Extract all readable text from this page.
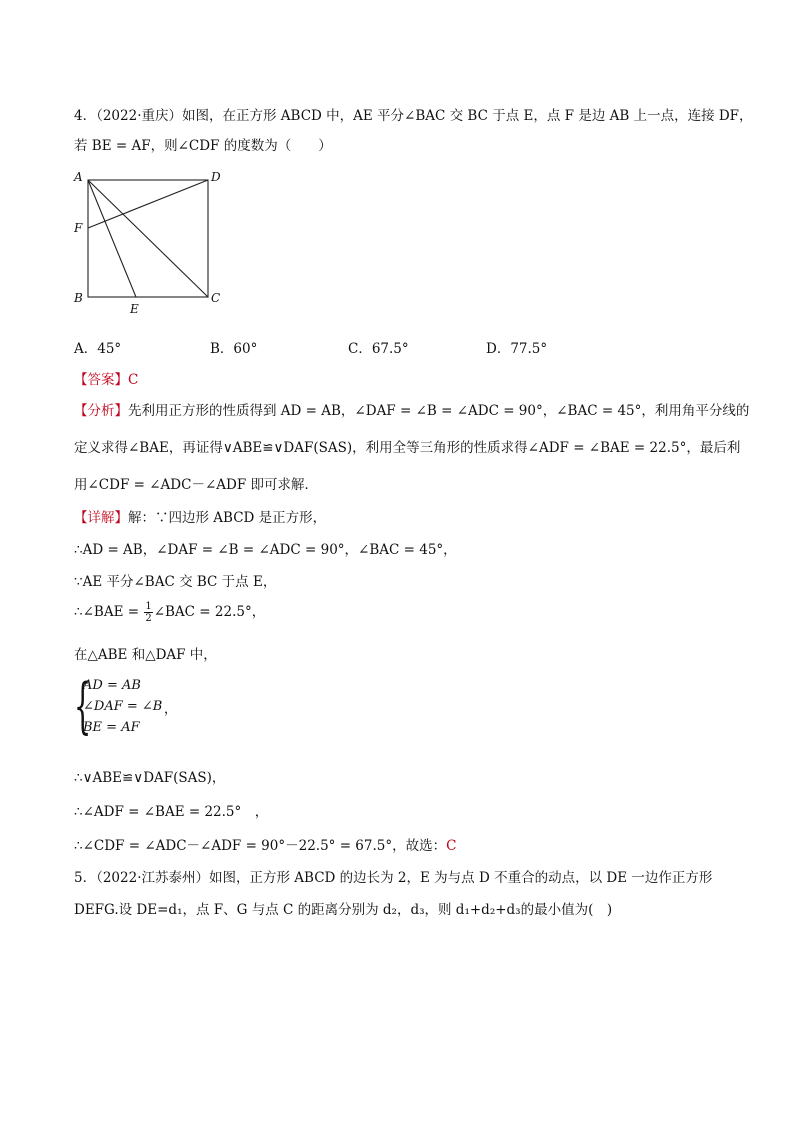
4．（2022·重庆）如图，在正方形 ABCD 中，AE 平分∠BAC 交 BC 于点 E，点 F 是边 AB 上一点，连接 DF，
若 BE = AF，则∠CDF 的度数为（　　）
A	D
F
B
E
C
A．45°	B．60°	C．67.5°	D．77.5°
【答案】C
【分析】先利用正方形的性质得到 AD = AB，∠DAF = ∠B = ∠ADC = 90°，∠BAC = 45°，利用角平分线的
定义求得∠BAE，再证得∨ABE≌∨DAF(SAS)，利用全等三角形的性质求得∠ADF = ∠BAE = 22.5°，最后利
用∠CDF = ∠ADC－∠ADF 即可求解．
【详解】解：∵四边形 ABCD 是正方形，
∴AD = AB，∠DAF = ∠B = ∠ADC = 90°，∠BAC = 45°，
∵AE 平分∠BAC 交 BC 于点 E，
∴∠BAE = $\frac{1}{2}$ ∠BAC = 22.5°，
在△ABE 和△DAF 中，
{
AD = AB
∠DAF = ∠B
BE = AF
，
∴∨ABE≌∨DAF(SAS)，
∴∠ADF = ∠BAE = 22.5°　，
∴∠CDF = ∠ADC－∠ADF = 90°－22.5° = 67.5°，故选：C
5．（2022·江苏泰州）如图，正方形 ABCD 的边长为 2，E 为与点 D 不重合的动点，以 DE 一边作正方形
DEFG.设 DE=d₁，点 F、G 与点 C 的距离分别为 d₂，d₃，则 d₁+d₂+d₃的最小值为(　)
